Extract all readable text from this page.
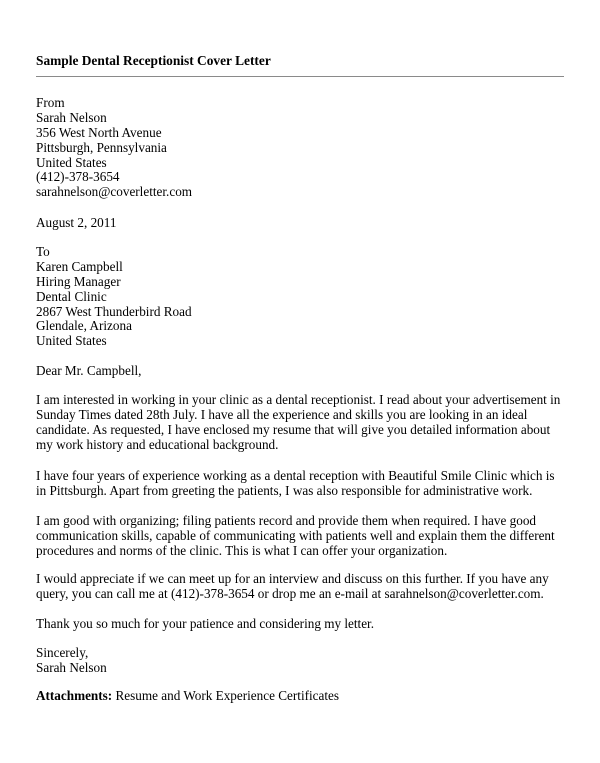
Sample Dental Receptionist Cover Letter
From
Sarah Nelson
356 West North Avenue
Pittsburgh, Pennsylvania
United States
(412)-378-3654
sarahnelson@coverletter.com
August 2, 2011
To
Karen Campbell
Hiring Manager
Dental Clinic
2867 West Thunderbird Road
Glendale, Arizona
United States
Dear Mr. Campbell,

I am interested in working in your clinic as a dental receptionist. I read about your advertisement in
Sunday Times dated 28th July. I have all the experience and skills you are looking in an ideal
candidate. As requested, I have enclosed my resume that will give you detailed information about
my work history and educational background.

I have four years of experience working as a dental reception with Beautiful Smile Clinic which is
in Pittsburgh. Apart from greeting the patients, I was also responsible for administrative work.

I am good with organizing; filing patients record and provide them when required. I have good
communication skills, capable of communicating with patients well and explain them the different
procedures and norms of the clinic. This is what I can offer your organization.

I would appreciate if we can meet up for an interview and discuss on this further. If you have any
query, you can call me at (412)-378-3654 or drop me an e-mail at sarahnelson@coverletter.com.

Thank you so much for your patience and considering my letter.

Sincerely,
Sarah Nelson
Attachments: Resume and Work Experience Certificates
